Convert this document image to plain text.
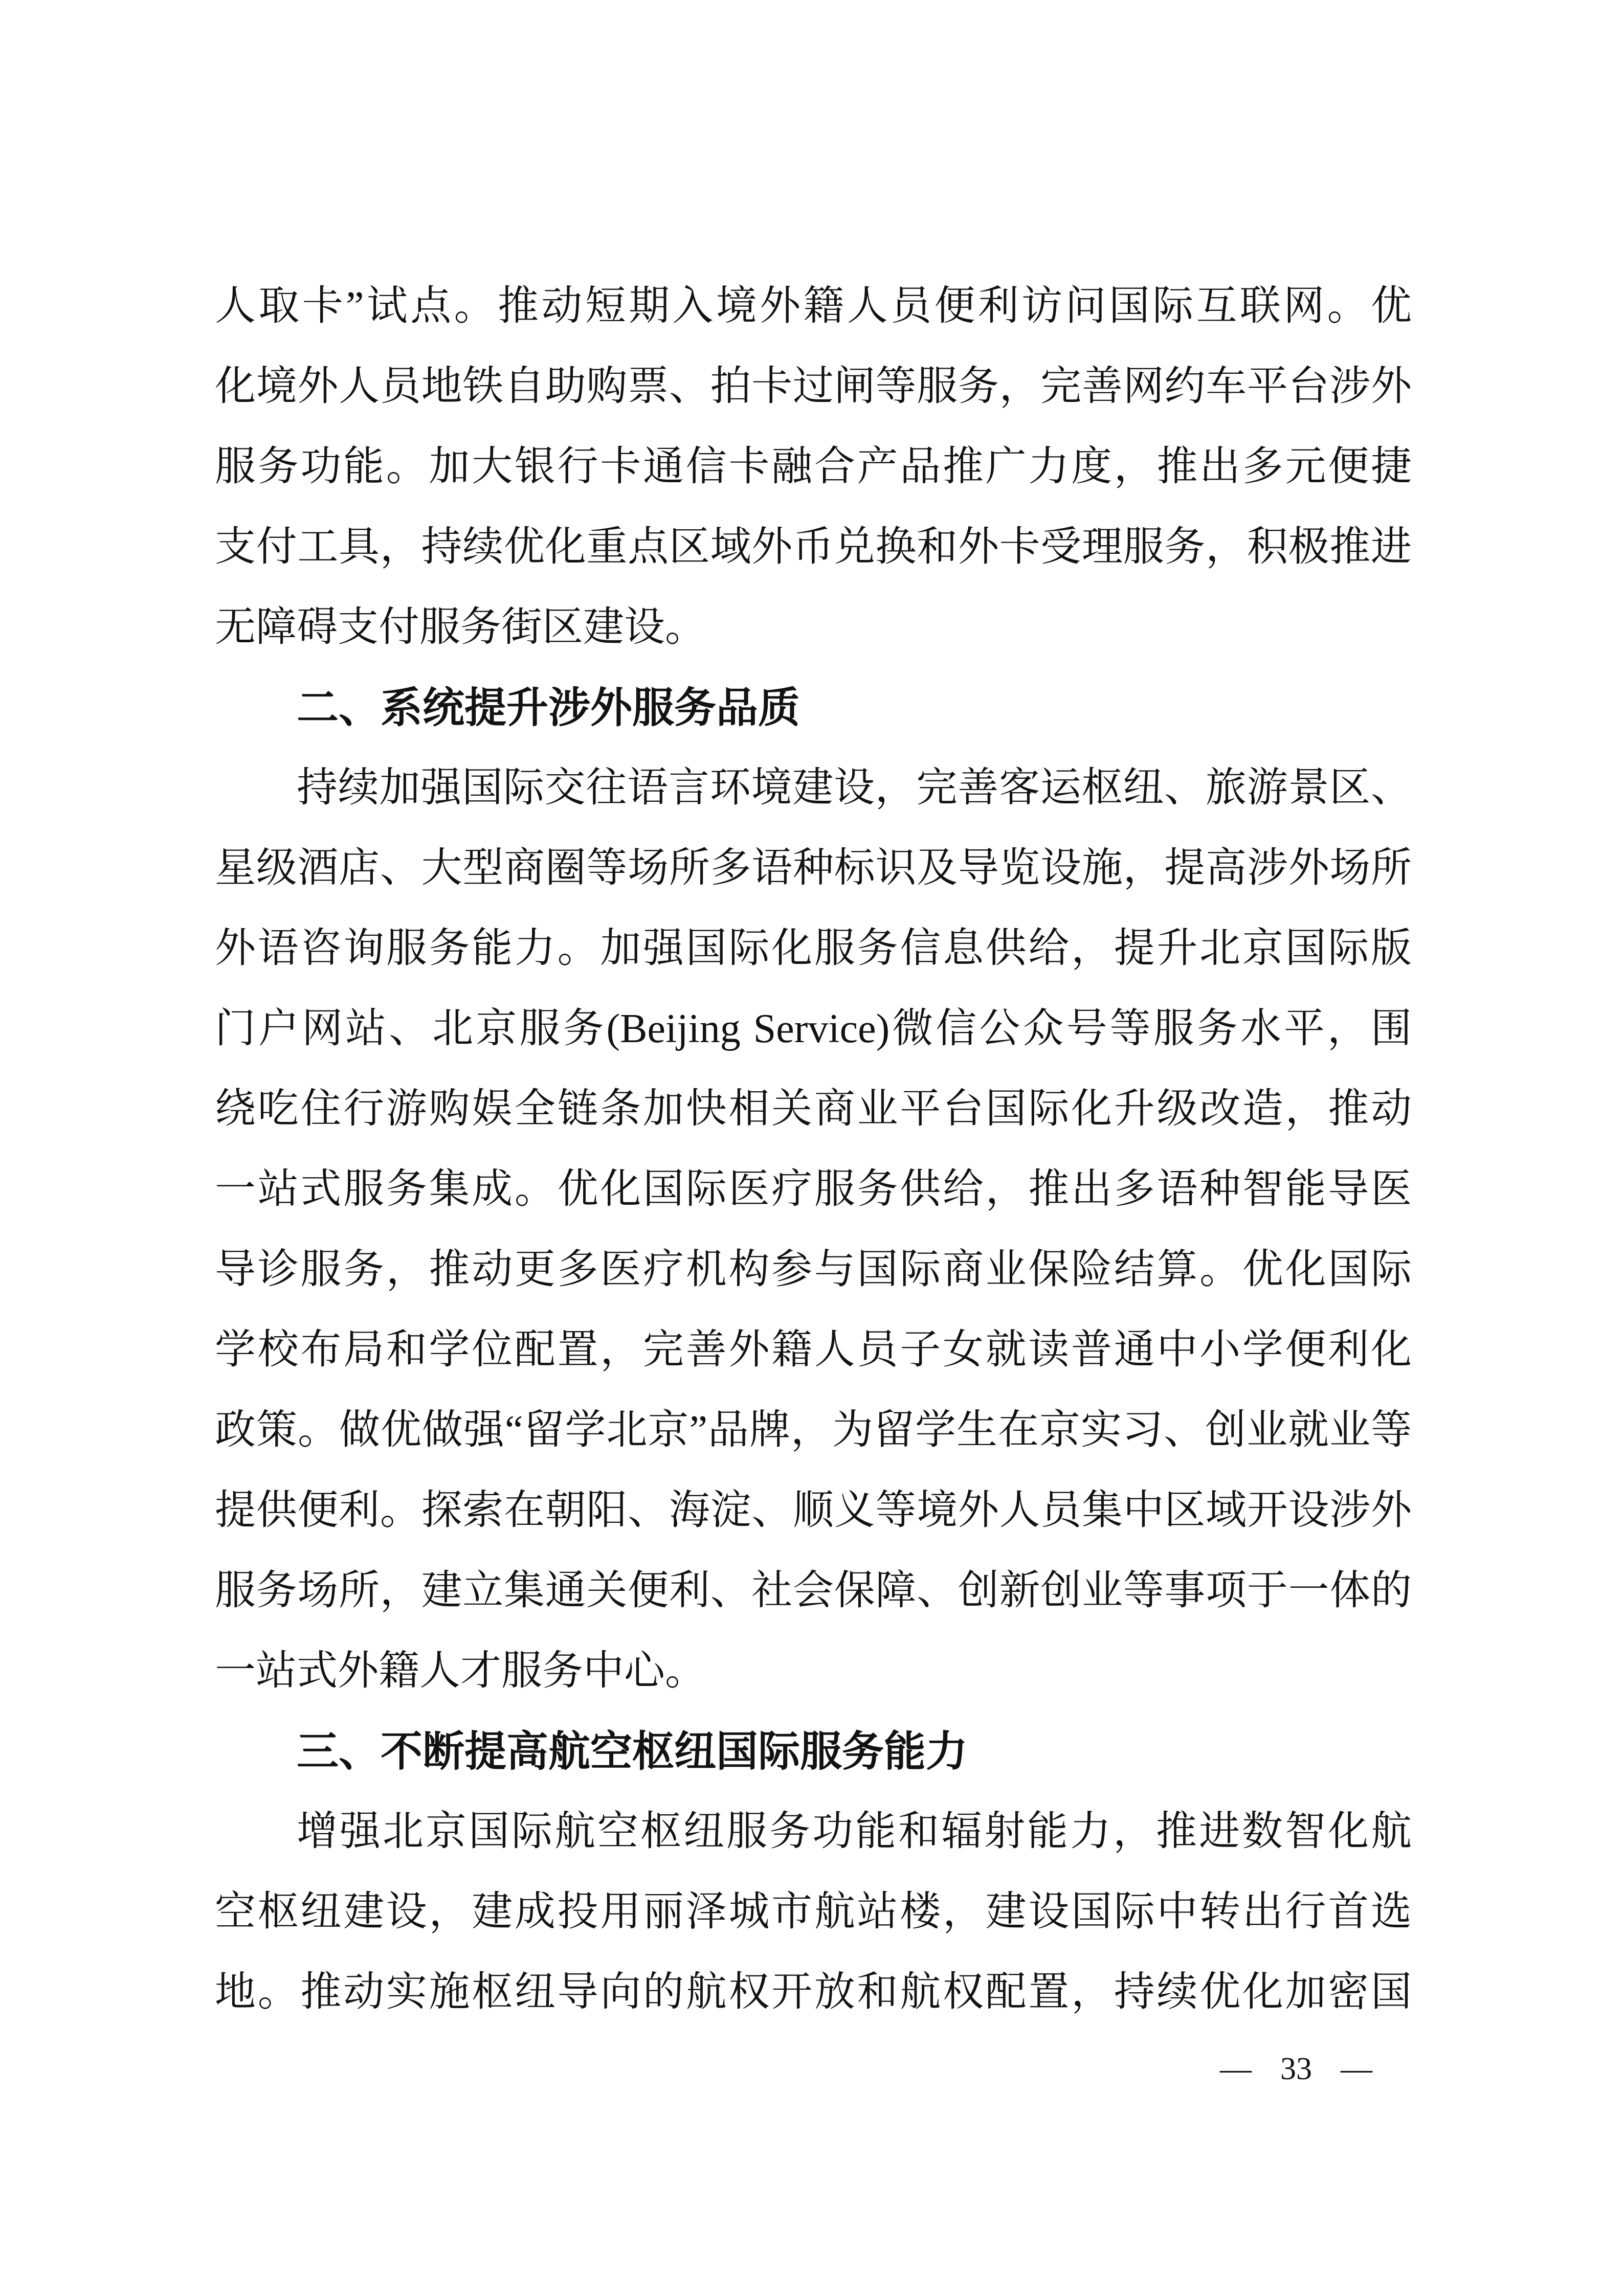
人取卡”试点。推动短期入境外籍人员便利访问国际互联网。优
化境外人员地铁自助购票、拍卡过闸等服务，完善网约车平台涉外
服务功能。加大银行卡通信卡融合产品推广力度，推出多元便捷
支付工具，持续优化重点区域外币兑换和外卡受理服务，积极推进
无障碍支付服务街区建设。
二、系统提升涉外服务品质
持续加强国际交往语言环境建设，完善客运枢纽、旅游景区、
星级酒店、大型商圈等场所多语种标识及导览设施，提高涉外场所
外语咨询服务能力。加强国际化服务信息供给，提升北京国际版
门户网站、北京服务(Beijing Service)微信公众号等服务水平，围
绕吃住行游购娱全链条加快相关商业平台国际化升级改造，推动
一站式服务集成。优化国际医疗服务供给，推出多语种智能导医
导诊服务，推动更多医疗机构参与国际商业保险结算。优化国际
学校布局和学位配置，完善外籍人员子女就读普通中小学便利化
政策。做优做强“留学北京”品牌，为留学生在京实习、创业就业等
提供便利。探索在朝阳、海淀、顺义等境外人员集中区域开设涉外
服务场所，建立集通关便利、社会保障、创新创业等事项于一体的
一站式外籍人才服务中心。
三、不断提高航空枢纽国际服务能力
增强北京国际航空枢纽服务功能和辐射能力，推进数智化航
空枢纽建设，建成投用丽泽城市航站楼，建设国际中转出行首选
地。推动实施枢纽导向的航权开放和航权配置，持续优化加密国
— 33 —
